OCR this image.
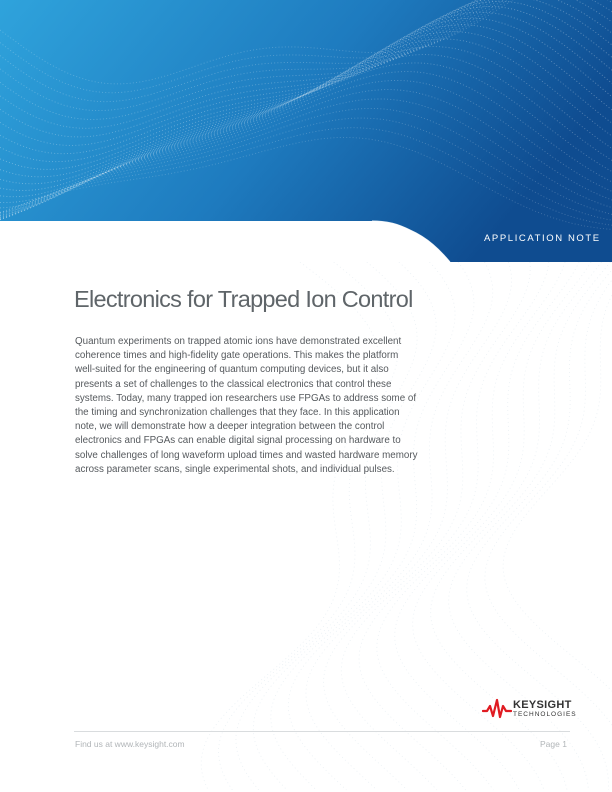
APPLICATION NOTE
Electronics for Trapped Ion Control

Quantum experiments on trapped atomic ions have demonstrated excellent
coherence times and high-fidelity gate operations. This makes the platform
well-suited for the engineering of quantum computing devices, but it also
presents a set of challenges to the classical electronics that control these
systems. Today, many trapped ion researchers use FPGAs to address some of
the timing and synchronization challenges that they face. In this application
note, we will demonstrate how a deeper integration between the control
electronics and FPGAs can enable digital signal processing on hardware to
solve challenges of long waveform upload times and wasted hardware memory
across parameter scans, single experimental shots, and individual pulses.

KEYSIGHT
TECHNOLOGIES
Find us at www.keysight.com	Page 1
